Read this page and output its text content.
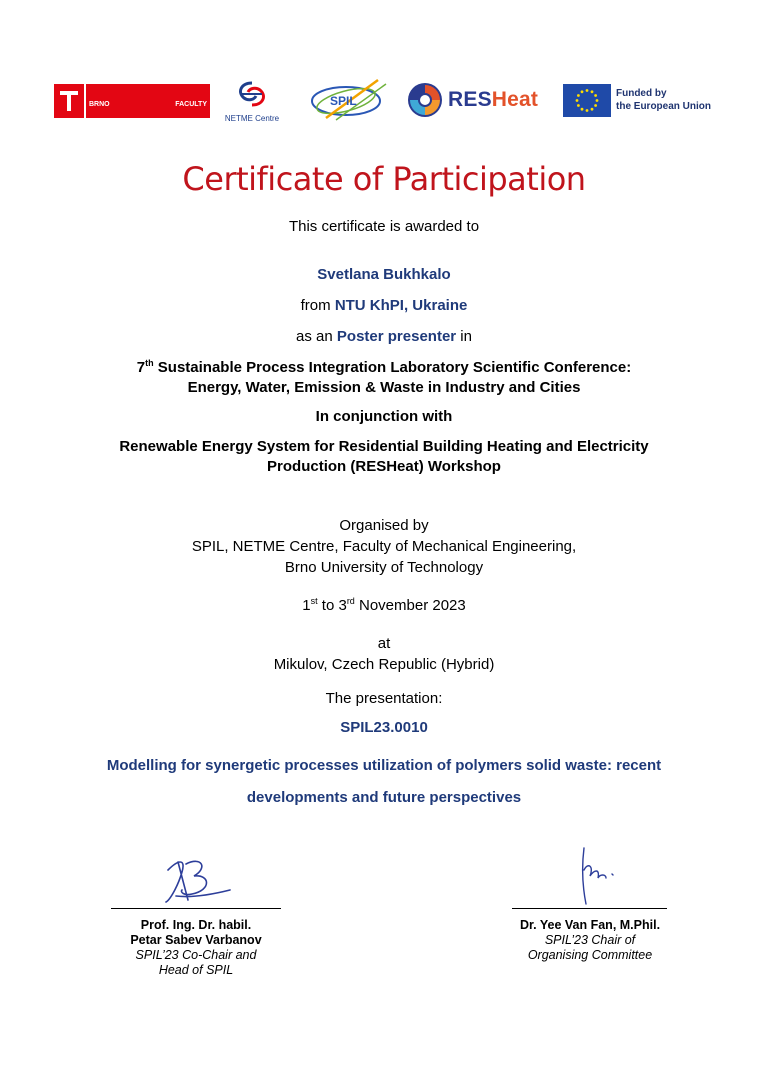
BRNO	FACULTY

UNIVERSITY OF MECHANICAL

OF TECHNOLOGY ENGINEERING

NETME Centre
SPIL	RESHeat	Funded by
the European Union
Certificate of Participation
This certificate is awarded to
Svetlana Bukhkalo
from NTU KhPI, Ukraine
as an Poster presenter in
7th Sustainable Process Integration Laboratory Scientific Conference:
Energy, Water, Emission & Waste in Industry and Cities
In conjunction with
Renewable Energy System for Residential Building Heating and Electricity
Production (RESHeat) Workshop
Organised by
SPIL, NETME Centre, Faculty of Mechanical Engineering,
Brno University of Technology
1st to 3rd November 2023
at
Mikulov, Czech Republic (Hybrid)
The presentation:
SPIL23.0010
Modelling for synergetic processes utilization of polymers solid waste: recent
developments and future perspectives
Prof. Ing. Dr. habil.
Petar Sabev Varbanov
SPIL’23 Co-Chair and
Head of SPIL
Dr. Yee Van Fan, M.Phil.
SPIL’23 Chair of
Organising Committee
